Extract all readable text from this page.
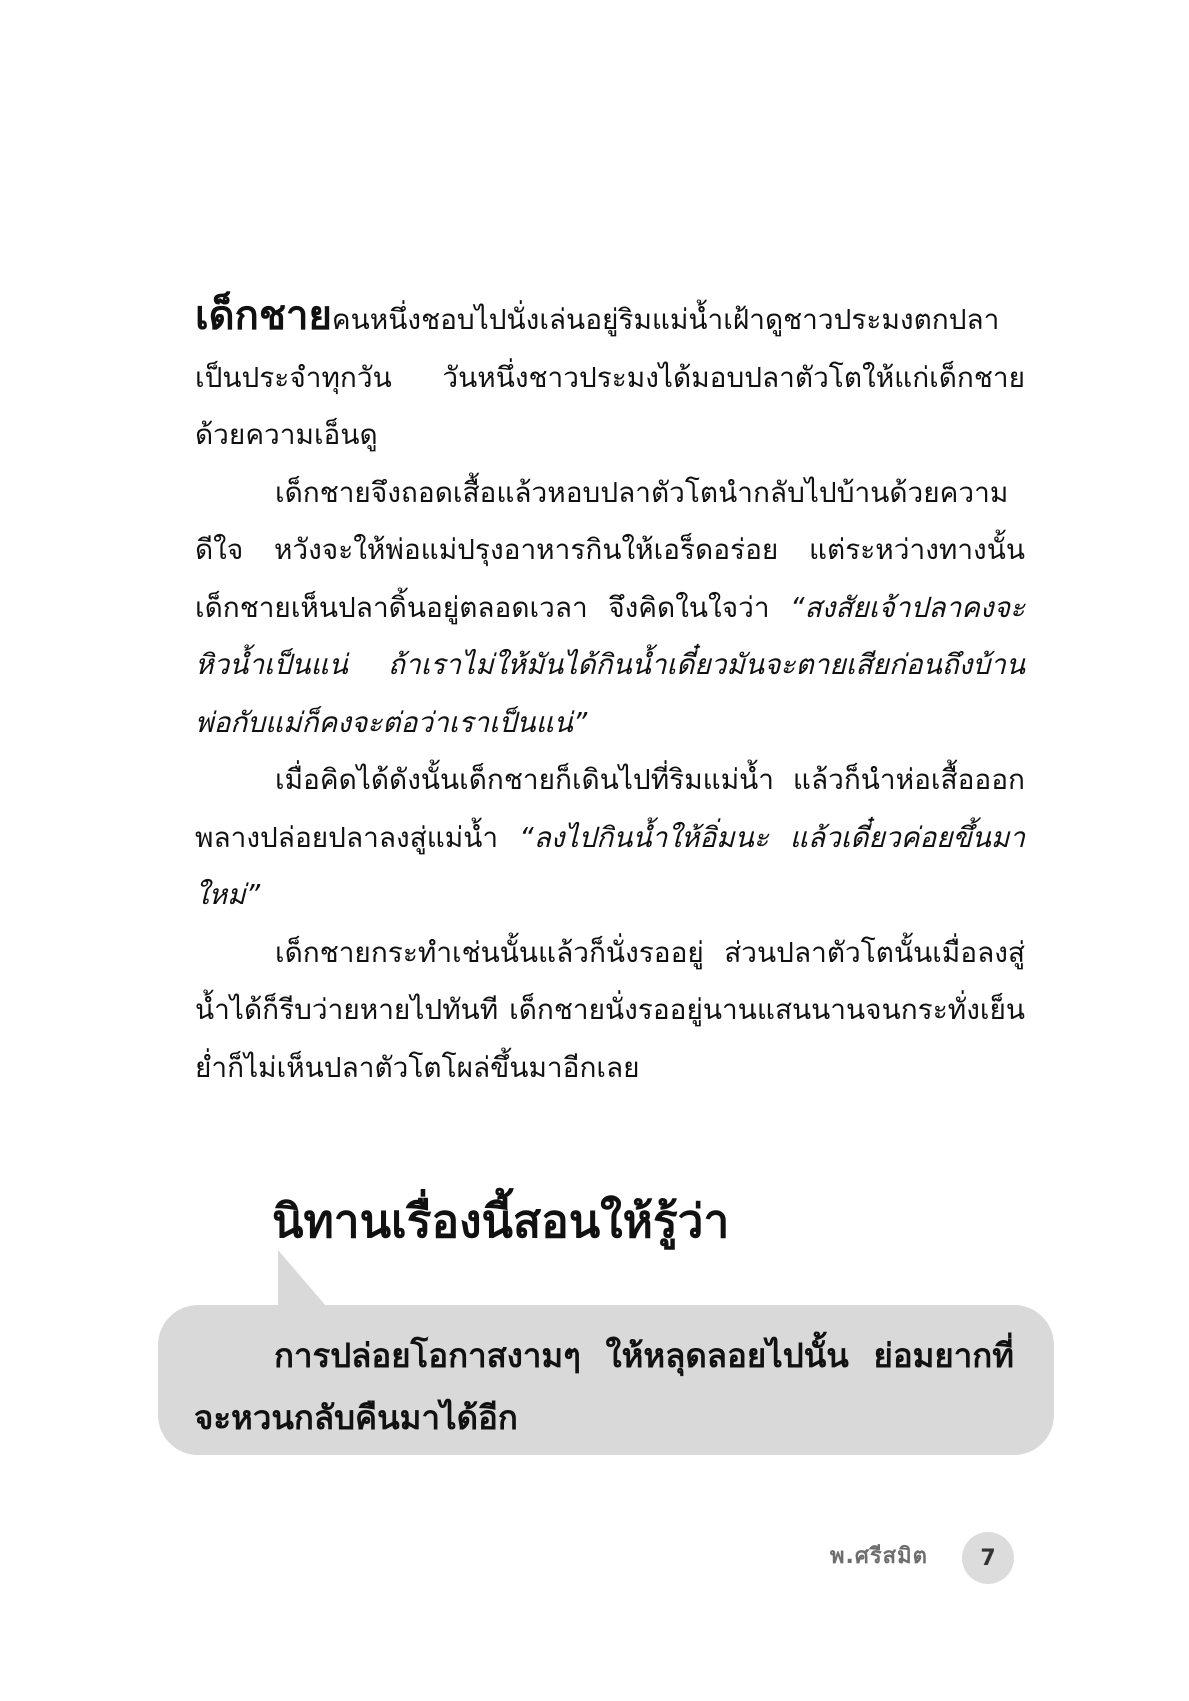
เด็กชายคนหนึ่งชอบไปนั่งเล่นอยู่ริมแม่น้ำเฝ้าดูชาวประมงตกปลาเป็นประจำทุกวัน วันหนึ่งชาวประมงได้มอบปลาตัวโตให้แก่เด็กชายด้วยความเอ็นดู

เด็กชายจึงถอดเสื้อแล้วหอบปลาตัวโตนำกลับไปบ้านด้วยความดีใจ หวังจะให้พ่อแม่ปรุงอาหารกินให้เอร็ดอร่อย แต่ระหว่างทางนั้นเด็กชายเห็นปลาดิ้นอยู่ตลอดเวลา จึงคิดในใจว่า “สงสัยเจ้าปลาคงจะหิวน้ำเป็นแน่ ถ้าเราไม่ให้มันได้กินน้ำเดี๋ยวมันจะตายเสียก่อนถึงบ้าน พ่อกับแม่ก็คงจะต่อว่าเราเป็นแน่”

เมื่อคิดได้ดังนั้นเด็กชายก็เดินไปที่ริมแม่น้ำ แล้วก็นำห่อเสื้อออกพลางปล่อยปลาลงสู่แม่น้ำ “ลงไปกินน้ำให้อิ่มนะ แล้วเดี๋ยวค่อยขึ้นมาใหม่”

เด็กชายกระทำเช่นนั้นแล้วก็นั่งรออยู่ ส่วนปลาตัวโตนั้นเมื่อลงสู่น้ำได้ก็รีบว่ายหายไปทันที เด็กชายนั่งรออยู่นานแสนนานจนกระทั่งเย็นย่ำก็ไม่เห็นปลาตัวโตโผล่ขึ้นมาอีกเลย

นิทานเรื่องนี้สอนให้รู้ว่า

การปล่อยโอกาสงามๆ ให้หลุดลอยไปนั้น ย่อมยากที่จะหวนกลับคืนมาได้อีก

พ.ศรีสมิต 7
